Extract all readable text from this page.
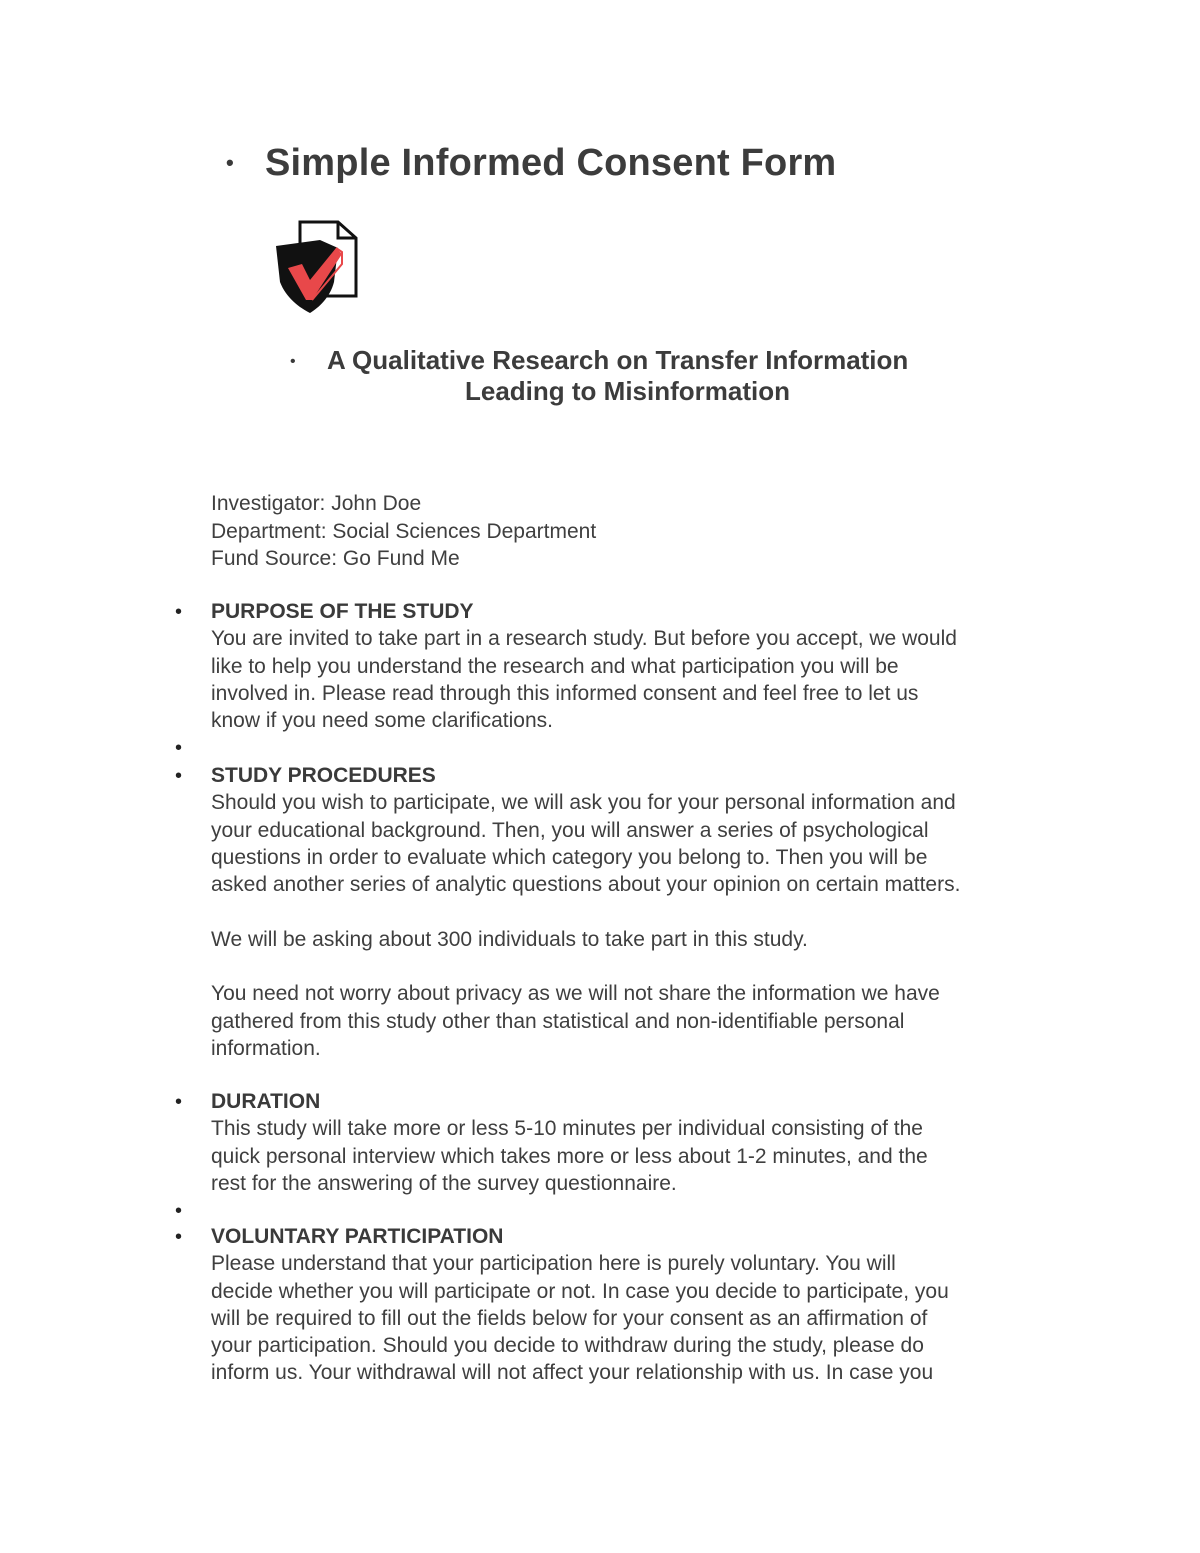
• Simple Informed Consent Form
• A Qualitative Research on Transfer Information
Leading to Misinformation
Investigator: John Doe
Department: Social Sciences Department
Fund Source: Go Fund Me
• PURPOSE OF THE STUDY
You are invited to take part in a research study. But before you accept, we would
like to help you understand the research and what participation you will be
involved in. Please read through this informed consent and feel free to let us
know if you need some clarifications.
•
• STUDY PROCEDURES
Should you wish to participate, we will ask you for your personal information and
your educational background. Then, you will answer a series of psychological
questions in order to evaluate which category you belong to. Then you will be
asked another series of analytic questions about your opinion on certain matters.
We will be asking about 300 individuals to take part in this study.
You need not worry about privacy as we will not share the information we have
gathered from this study other than statistical and non-identifiable personal
information.
• DURATION
This study will take more or less 5-10 minutes per individual consisting of the
quick personal interview which takes more or less about 1-2 minutes, and the
rest for the answering of the survey questionnaire.
•
• VOLUNTARY PARTICIPATION
Please understand that your participation here is purely voluntary. You will
decide whether you will participate or not. In case you decide to participate, you
will be required to fill out the fields below for your consent as an affirmation of
your participation. Should you decide to withdraw during the study, please do
inform us. Your withdrawal will not affect your relationship with us. In case you
